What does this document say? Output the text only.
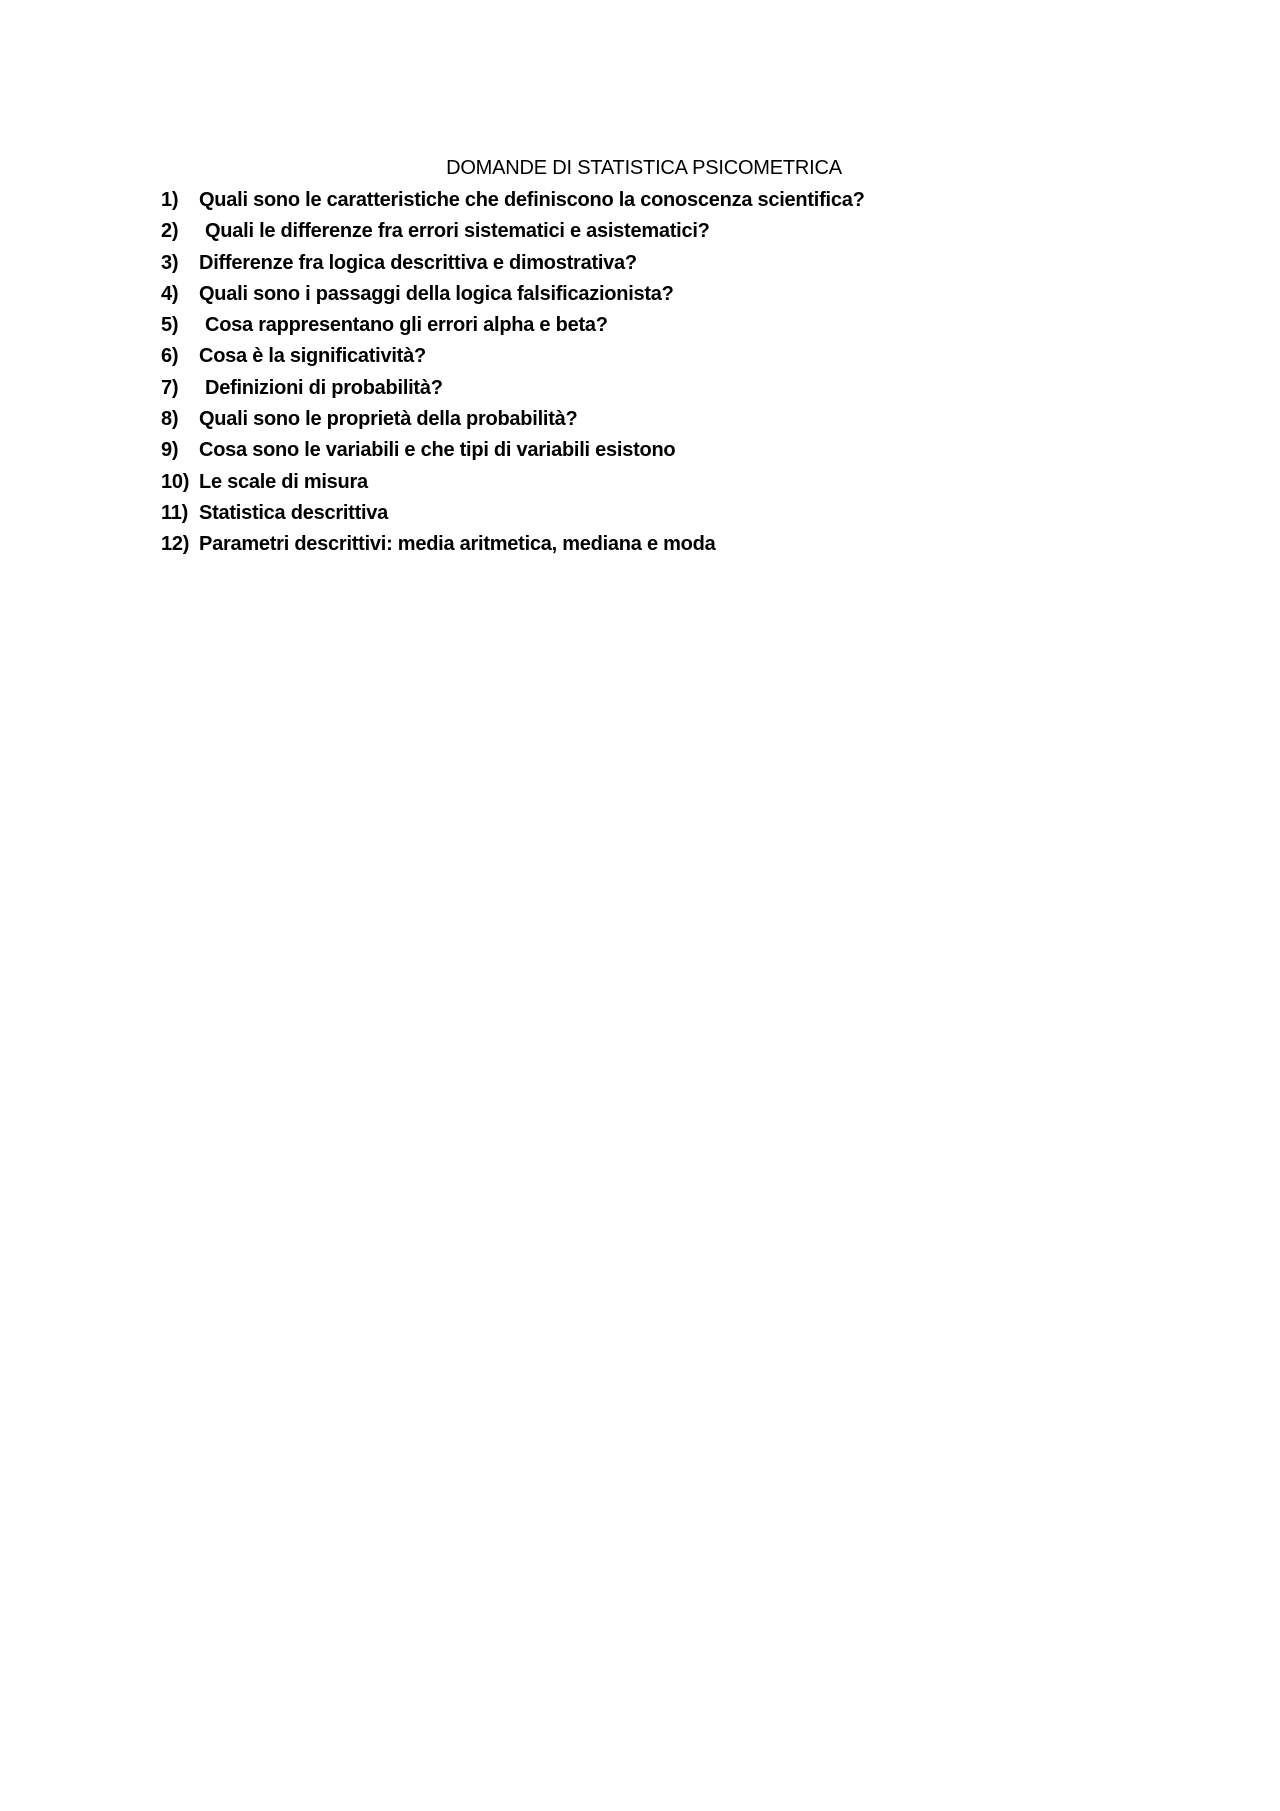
DOMANDE DI STATISTICA PSICOMETRICA
1)	Quali sono le caratteristiche che definiscono la conoscenza scientifica?
2)	Quali le differenze fra errori sistematici e asistematici?
3)	Differenze fra logica descrittiva e dimostrativa?
4)	Quali sono i passaggi della logica falsificazionista?
5)	Cosa rappresentano gli errori alpha e beta?
6)	Cosa è la significatività?
7)	Definizioni di probabilità?
8)	Quali sono le proprietà della probabilità?
9)	Cosa sono le variabili e che tipi di variabili esistono
10) Le scale di misura
11) Statistica descrittiva
12) Parametri descrittivi: media aritmetica, mediana e moda
